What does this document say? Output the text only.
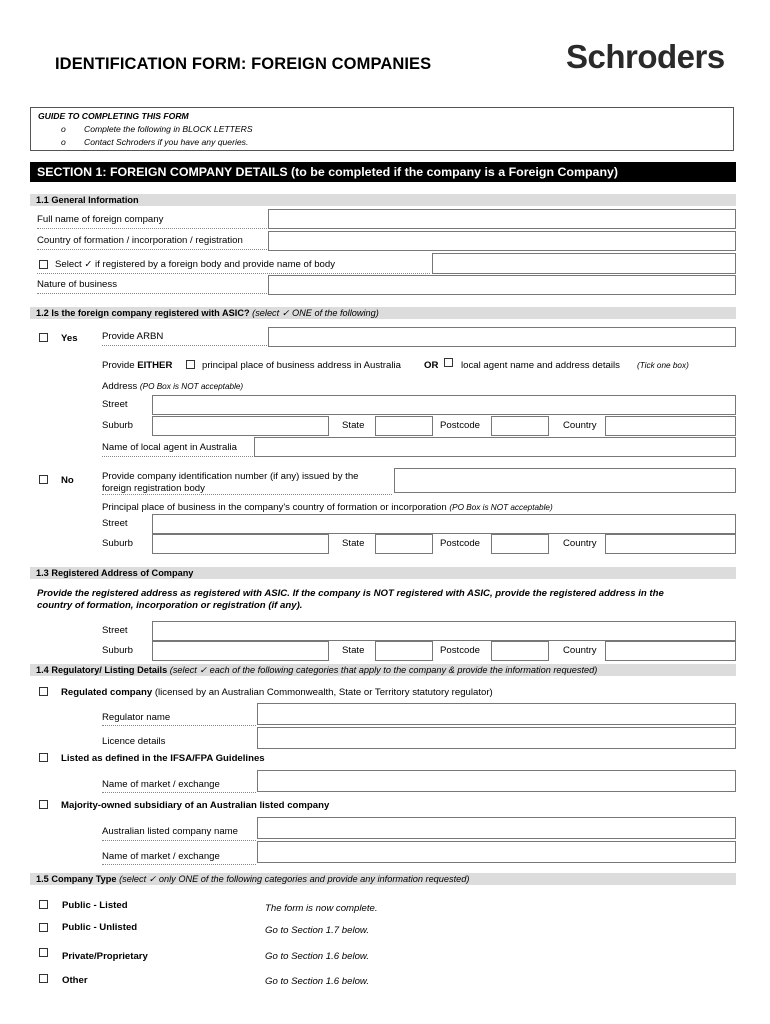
IDENTIFICATION FORM: FOREIGN COMPANIES	Schroders
GUIDE TO COMPLETING THIS FORM
o Complete the following in BLOCK LETTERS
o Contact Schroders if you have any queries.
SECTION 1: FOREIGN COMPANY DETAILS (to be completed if the company is a Foreign Company)
1.1 General Information
Full name of foreign company
Country of formation / incorporation / registration
Select ✓ if registered by a foreign body and provide name of body
Nature of business
1.2 Is the foreign company registered with ASIC? (select ✓ ONE of the following)
Yes	Provide ARBN
Provide EITHER	principal place of business address in Australia OR local agent name and address details (Tick one box)
Address (PO Box is NOT acceptable)
Street
Suburb	State	Postcode	Country
Name of local agent in Australia
No	Provide company identification number (if any) issued by the
foreign registration body
Principal place of business in the company's country of formation or incorporation (PO Box is NOT acceptable)
Street
Suburb	State	Postcode	Country
1.3 Registered Address of Company
Provide the registered address as registered with ASIC. If the company is NOT registered with ASIC, provide the registered address in the
country of formation, incorporation or registration (if any).
Street
Suburb	State	Postcode	Country
1.4 Regulatory/ Listing Details (select ✓ each of the following categories that apply to the company & provide the information requested)
Regulated company (licensed by an Australian Commonwealth, State or Territory statutory regulator)
Regulator name
Licence details
Listed as defined in the IFSA/FPA Guidelines
Name of market / exchange
Majority-owned subsidiary of an Australian listed company
Australian listed company name
Name of market / exchange
1.5 Company Type (select ✓ only ONE of the following categories and provide any information requested)
Public - Listed	The form is now complete.
Public - Unlisted	Go to Section 1.7 below.
Private/Proprietary	Go to Section 1.6 below.
Other	Go to Section 1.6 below.
